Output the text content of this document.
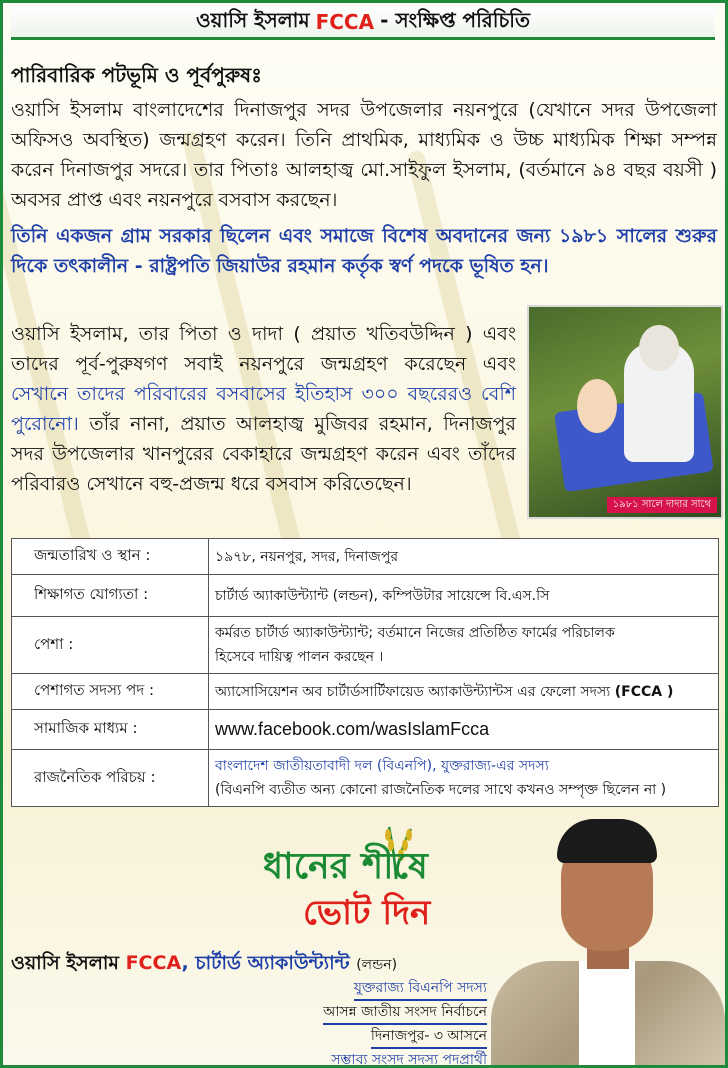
ওয়াসি ইসলাম FCCA - সংক্ষিপ্ত পরিচিতি
পারিবারিক পটভূমি ও পূর্বপুরুষঃ
ওয়াসি ইসলাম বাংলাদেশের দিনাজপুর সদর উপজেলার নয়নপুরে (যেখানে সদর উপজেলা অফিসও অবস্থিত) জন্মগ্রহণ করেন। তিনি প্রাথমিক, মাধ্যমিক ও উচ্চ মাধ্যমিক শিক্ষা সম্পন্ন করেন দিনাজপুর সদরে। তার পিতাঃ আলহাজ্ব মো.সাইফুল ইসলাম, (বর্তমানে ৯৪ বছর বয়সী ) অবসর প্রাপ্ত এবং নয়নপুরে বসবাস করছেন।
তিনি একজন গ্রাম সরকার ছিলেন এবং সমাজে বিশেষ অবদানের জন্য ১৯৮১ সালের শুরুর দিকে তৎকালীন - রাষ্ট্রপতি জিয়াউর রহমান কর্তৃক স্বর্ণ পদকে ভূষিত হন।
ওয়াসি ইসলাম, তার পিতা ও দাদা ( প্রয়াত খতিবউদ্দিন ) এবং তাদের পূর্ব-পুরুষগণ সবাই নয়নপুরে জন্মগ্রহণ করেছেন এবং সেখানে তাদের পরিবারের বসবাসের ইতিহাস ৩০০ বছরেরও বেশি পুরোনো। তাঁর নানা, প্রয়াত আলহাজ্ব মুজিবর রহমান, দিনাজপুর সদর উপজেলার খানপুরের বেকাহারে জন্মগ্রহণ করেন এবং তাঁদের পরিবারও সেখানে বহু-প্রজন্ম ধরে বসবাস করিতেছেন।
১৯৮১ সালে দাদার সাথে
জন্মতারিখ ও স্থান :	১৯৭৮, নয়নপুর, সদর, দিনাজপুর
শিক্ষাগত যোগ্যতা :	চার্টার্ড অ্যাকাউন্ট্যান্ট (লন্ডন), কম্পিউটার সায়েন্সে বি.এস.সি
পেশা :	কর্মরত চার্টার্ড অ্যাকাউন্ট্যান্ট; বর্তমানে নিজের প্রতিষ্ঠিত ফার্মের পরিচালক
হিসেবে দায়িত্ব পালন করছেন ।

পেশাগত সদস্য পদ :	অ্যাসোসিয়েশন অব চার্টার্ডসার্টিফায়েড অ্যাকাউন্ট্যান্টস এর ফেলো সদস্য (FCCA )
সামাজিক মাধ্যম :	www.facebook.com/wasIslamFcca
রাজনৈতিক পরিচয় :	বাংলাদেশ জাতীয়তাবাদী দল (বিএনপি), যুক্তরাজ্য-এর সদস্য
(বিএনপি ব্যতীত অন্য কোনো রাজনৈতিক দলের সাথে কখনও সম্পৃক্ত ছিলেন না )
ধানের শীষে
ভোট দিন
ওয়াসি ইসলাম FCCA, চার্টার্ড অ্যাকাউন্ট্যান্ট (লন্ডন)
যুক্তরাজ্য বিএনপি সদস্য
আসন্ন জাতীয় সংসদ নির্বাচনে
দিনাজপুর- ৩ আসনে
সম্ভাব্য সংসদ সদস্য পদপ্রার্থী
